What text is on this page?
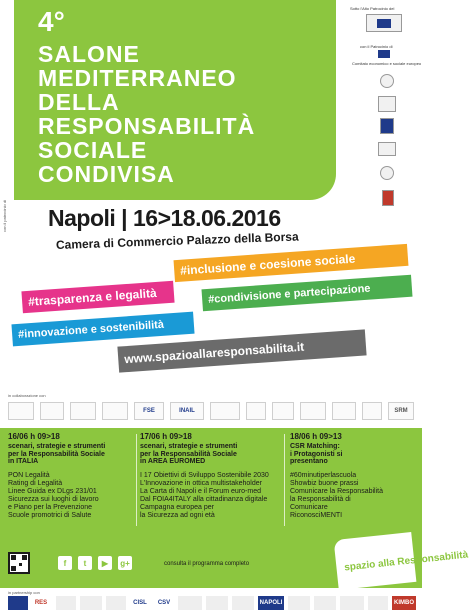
4°
SALONE
MEDITERRANEO
DELLA
RESPONSABILITÀ
SOCIALE
CONDIVISA
con il patrocinio di
Sotto l'Alto Patrocinio del
con il Patrocinio di
Comitato economico e sociale europeo
Napoli | 16>18.06.2016
Camera di Commercio Palazzo della Borsa
#inclusione e coesione sociale
#trasparenza e legalità	#condivisione e partecipazione
#innovazione e sostenibilità
www.spazioallaresponsabilita.it
in collaborazione con
FSE	INAIL	SRM
16/06 h 09>18
scenari, strategie e strumenti
per la Responsabilità Sociale
in ITALIA
PON Legalità
Rating di Legalità
Linee Guida ex DLgs 231/01
Sicurezza sui luoghi di lavoro
e Piano per la Prevenzione
Scuole promotrici di Salute
17/06 h 09>18
scenari, strategie e strumenti
per la Responsabilità Sociale
in AREA EUROMED
I 17 Obiettivi di Sviluppo Sostenibile 2030
L'Innovazione in ottica multistakeholder
La Carta di Napoli e il Forum euro-med
Dal FOIA4ITALY alla cittadinanza digitale
Campagna europea per
la Sicurezza ad ogni età
18/06 h 09>13
CSR Matching:
i Protagonisti si
presentano
#60minutiperlascuola
Showbiz buone prassi
Comunicare la Responsabilità
la Responsabilità di
Comunicare
RiconosciMENTI
f	t	▶	g+	consulta il programma completo	spazio alla Responsabilità
in partnership con
RES	CISL CSV	NAPOLI	KIMBO
